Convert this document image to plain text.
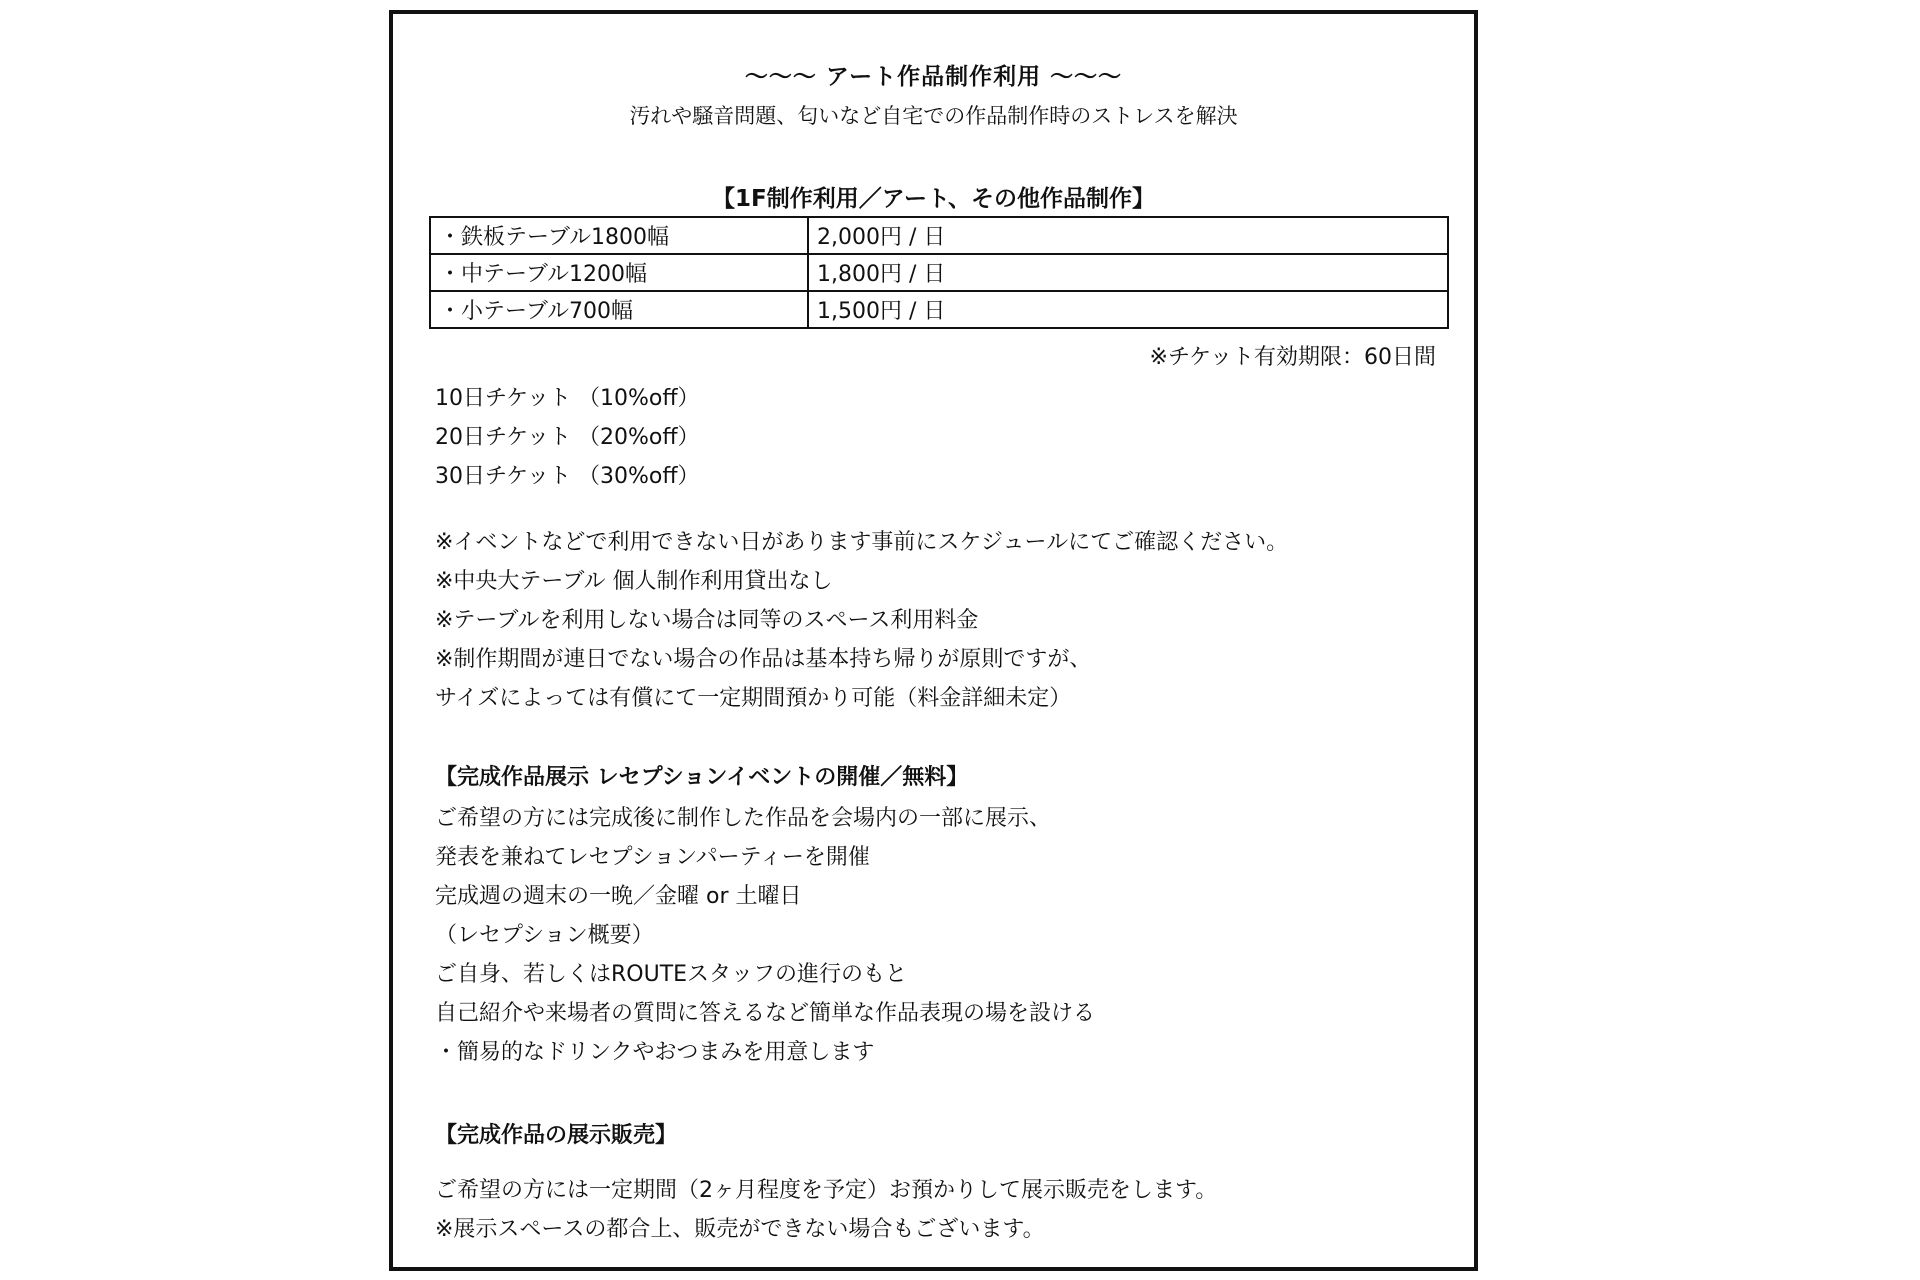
〜〜〜 アート作品制作利用 〜〜〜
汚れや騒音問題、匂いなど自宅での作品制作時のストレスを解決
【1F制作利用／アート、その他作品制作】
・鉄板テーブル1800幅	2,000円 / 日
・中テーブル1200幅	1,800円 / 日
・小テーブル700幅	1,500円 / 日
※チケット有効期限：60日間
10日チケット （10%off）
20日チケット （20%off）
30日チケット （30%off）
※イベントなどで利用できない日があります事前にスケジュールにてご確認ください。
※中央大テーブル 個人制作利用貸出なし
※テーブルを利用しない場合は同等のスペース利用料金
※制作期間が連日でない場合の作品は基本持ち帰りが原則ですが、
サイズによっては有償にて一定期間預かり可能（料金詳細未定）
【完成作品展示 レセプションイベントの開催／無料】
ご希望の方には完成後に制作した作品を会場内の一部に展示、
発表を兼ねてレセプションパーティーを開催
完成週の週末の一晩／金曜 or 土曜日
（レセプション概要）
ご自身、若しくはROUTEスタッフの進行のもと
自己紹介や来場者の質問に答えるなど簡単な作品表現の場を設ける
・簡易的なドリンクやおつまみを用意します
【完成作品の展示販売】
ご希望の方には一定期間（2ヶ月程度を予定）お預かりして展示販売をします。
※展示スペースの都合上、販売ができない場合もございます。
